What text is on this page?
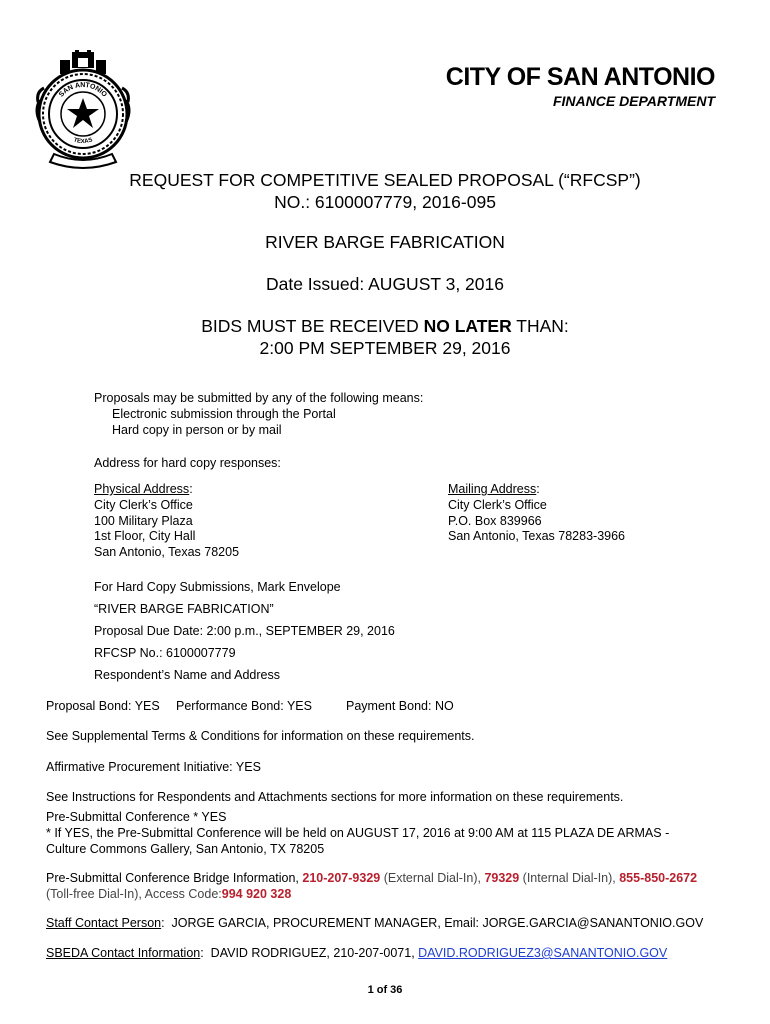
SAN ANTONIO
TEXAS
CITY OF SAN ANTONIO
FINANCE DEPARTMENT
REQUEST FOR COMPETITIVE SEALED PROPOSAL (“RFCSP”)
NO.: 6100007779, 2016-095
RIVER BARGE FABRICATION
Date Issued: AUGUST 3, 2016
BIDS MUST BE RECEIVED NO LATER THAN:
2:00 PM SEPTEMBER 29, 2016
Proposals may be submitted by any of the following means:
Electronic submission through the Portal
Hard copy in person or by mail
Address for hard copy responses:
Physical Address:
City Clerk’s Office
100 Military Plaza
1st Floor, City Hall
San Antonio, Texas 78205
Mailing Address:
City Clerk’s Office
P.O. Box 839966
San Antonio, Texas 78283-3966
For Hard Copy Submissions, Mark Envelope
“RIVER BARGE FABRICATION”
Proposal Due Date: 2:00 p.m., SEPTEMBER 29, 2016
RFCSP No.: 6100007779
Respondent’s Name and Address
Proposal Bond: YES Performance Bond: YES	Payment Bond: NO
See Supplemental Terms & Conditions for information on these requirements.
Affirmative Procurement Initiative: YES
See Instructions for Respondents and Attachments sections for more information on these requirements.
Pre-Submittal Conference * YES
* If YES, the Pre-Submittal Conference will be held on AUGUST 17, 2016 at 9:00 AM at 115 PLAZA DE ARMAS -
Culture Commons Gallery, San Antonio, TX 78205
Pre-Submittal Conference Bridge Information, 210-207-9329 (External Dial-In), 79329 (Internal Dial-In), 855-850-2672
(Toll-free Dial-In), Access Code:994 920 328
Staff Contact Person:  JORGE GARCIA, PROCUREMENT MANAGER, Email: JORGE.GARCIA@SANANTONIO.GOV
SBEDA Contact Information:  DAVID RODRIGUEZ, 210-207-0071, DAVID.RODRIGUEZ3@SANANTONIO.GOV
1 of 36
